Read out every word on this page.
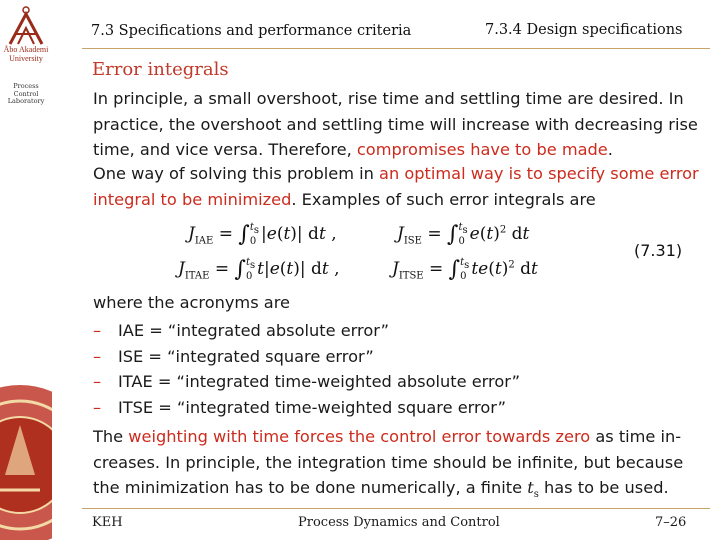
Åbo Akademi
University
Process
Control
Laboratory
7.3 Specifications and performance criteria	7.3.4 Design specifications
Error integrals
In principle, a small overshoot, rise time and settling time are desired. In practice, the overshoot and settling time will increase with decreasing rise time, and vice versa. Therefore, compromises have to be made.
One way of solving this problem in an optimal way is to specify some error integral to be minimized. Examples of such error integrals are
$J_{IAE} = \int t_s$
0 |e(t)| dt ,	$J_{ISE} = \int t_s$
0 $e(t)^2$ dt
$J_{ITAE} = \int t_s$
0 t|e(t)| dt ,	$J_{ITSE} = \int t_s$
0 $te(t)^2$ dt
(7.31)
where the acronyms are
– IAE = “integrated absolute error”
– ISE = “integrated square error”
– ITAE = “integrated time-weighted absolute error”
– ITSE = “integrated time-weighted square error”
The weighting with time forces the control error towards zero as time in-creases. In principle, the integration time should be infinite, but because the minimization has to be done numerically, a finite $t_s$ has to be used.
KEH	Process Dynamics and Control	7–26
